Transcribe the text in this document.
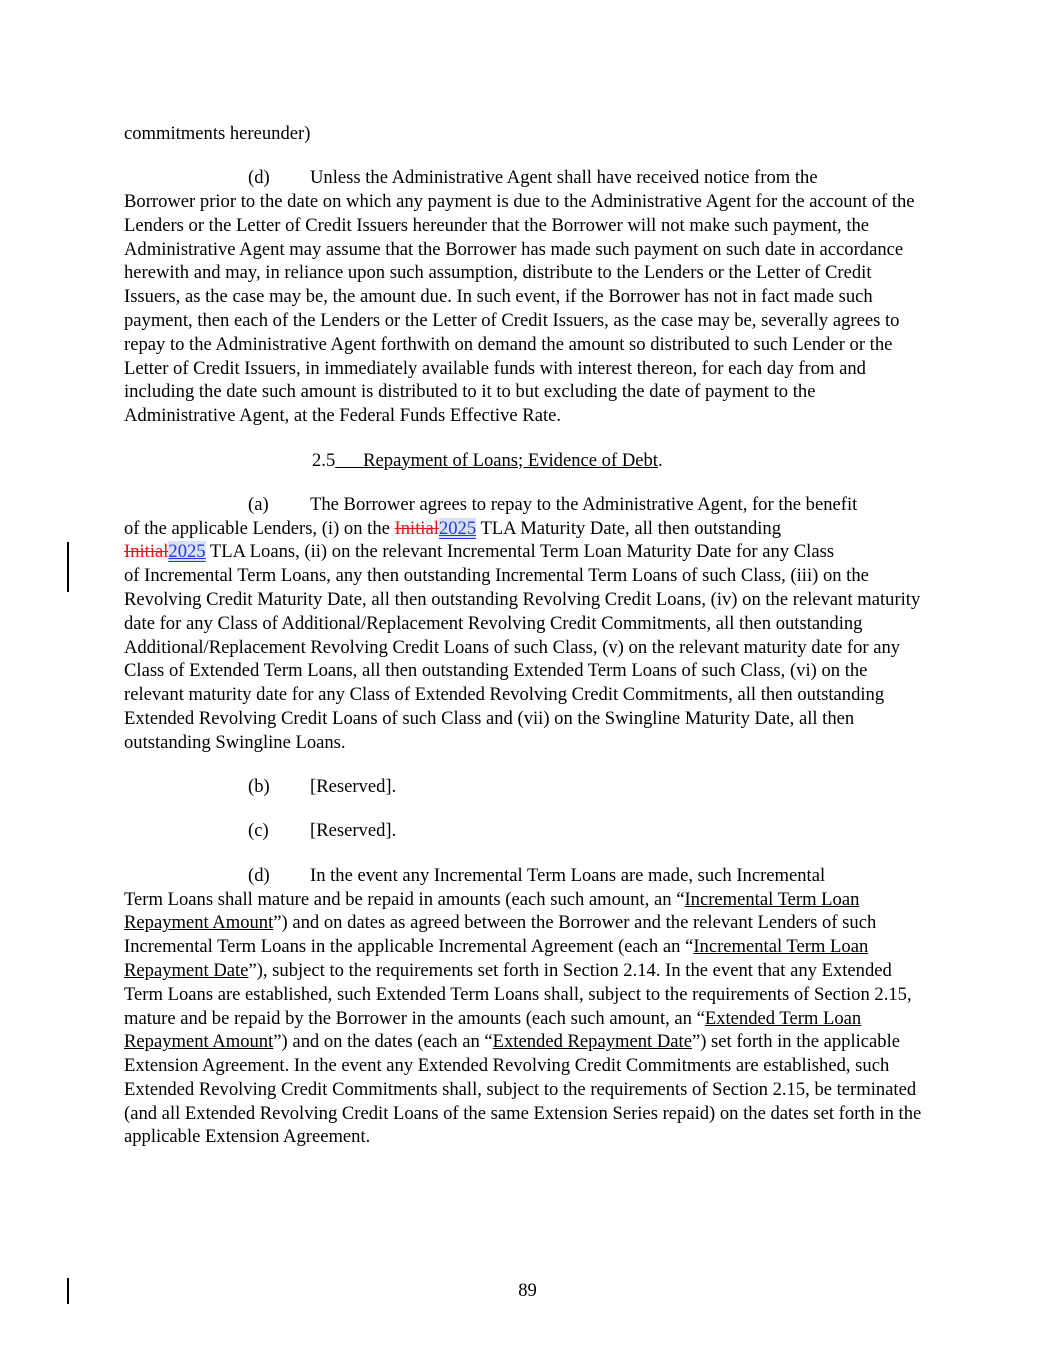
commitments hereunder)

(d) Unless the Administrative Agent shall have received notice from the

Borrower prior to the date on which any payment is due to the Administrative Agent for the account of the Lenders or the Letter of Credit Issuers hereunder that the Borrower will not make such payment, the Administrative Agent may assume that the Borrower has made such payment on such date in accordance herewith and may, in reliance upon such assumption, distribute to the Lenders or the Letter of Credit Issuers, as the case may be, the amount due. In such event, if the Borrower has not in fact made such payment, then each of the Lenders or the Letter of Credit Issuers, as the case may be, severally agrees to repay to the Administrative Agent forthwith on demand the amount so distributed to such Lender or the Letter of Credit Issuers, in immediately available funds with interest thereon, for each day from and including the date such amount is distributed to it to but excluding the date of payment to the Administrative Agent, at the Federal Funds Effective Rate.

2.5 Repayment of Loans; Evidence of Debt.

(a) The Borrower agrees to repay to the Administrative Agent, for the benefit

of the applicable Lenders, (i) on the Initial2025 TLA Maturity Date, all then outstanding

Initial2025 TLA Loans, (ii) on the relevant Incremental Term Loan Maturity Date for any Class

of Incremental Term Loans, any then outstanding Incremental Term Loans of such Class, (iii) on the Revolving Credit Maturity Date, all then outstanding Revolving Credit Loans, (iv) on the relevant maturity date for any Class of Additional/Replacement Revolving Credit Commitments, all then outstanding Additional/Replacement Revolving Credit Loans of such Class, (v) on the relevant maturity date for any Class of Extended Term Loans, all then outstanding Extended Term Loans of such Class, (vi) on the relevant maturity date for any Class of Extended Revolving Credit Commitments, all then outstanding Extended Revolving Credit Loans of such Class and (vii) on the Swingline Maturity Date, all then outstanding Swingline Loans.

(b) [Reserved].

(c) [Reserved].

(d) In the event any Incremental Term Loans are made, such Incremental

Term Loans shall mature and be repaid in amounts (each such amount, an “Incremental Term Loan Repayment Amount”) and on dates as agreed between the Borrower and the relevant Lenders of such Incremental Term Loans in the applicable Incremental Agreement (each an “Incremental Term Loan Repayment Date”), subject to the requirements set forth in Section 2.14. In the event that any Extended Term Loans are established, such Extended Term Loans shall, subject to the requirements of Section 2.15, mature and be repaid by the Borrower in the amounts (each such amount, an “Extended Term Loan Repayment Amount”) and on the dates (each an “Extended Repayment Date”) set forth in the applicable Extension Agreement. In the event any Extended Revolving Credit Commitments are established, such Extended Revolving Credit Commitments shall, subject to the requirements of Section 2.15, be terminated (and all Extended Revolving Credit Loans of the same Extension Series repaid) on the dates set forth in the applicable Extension Agreement.

89
